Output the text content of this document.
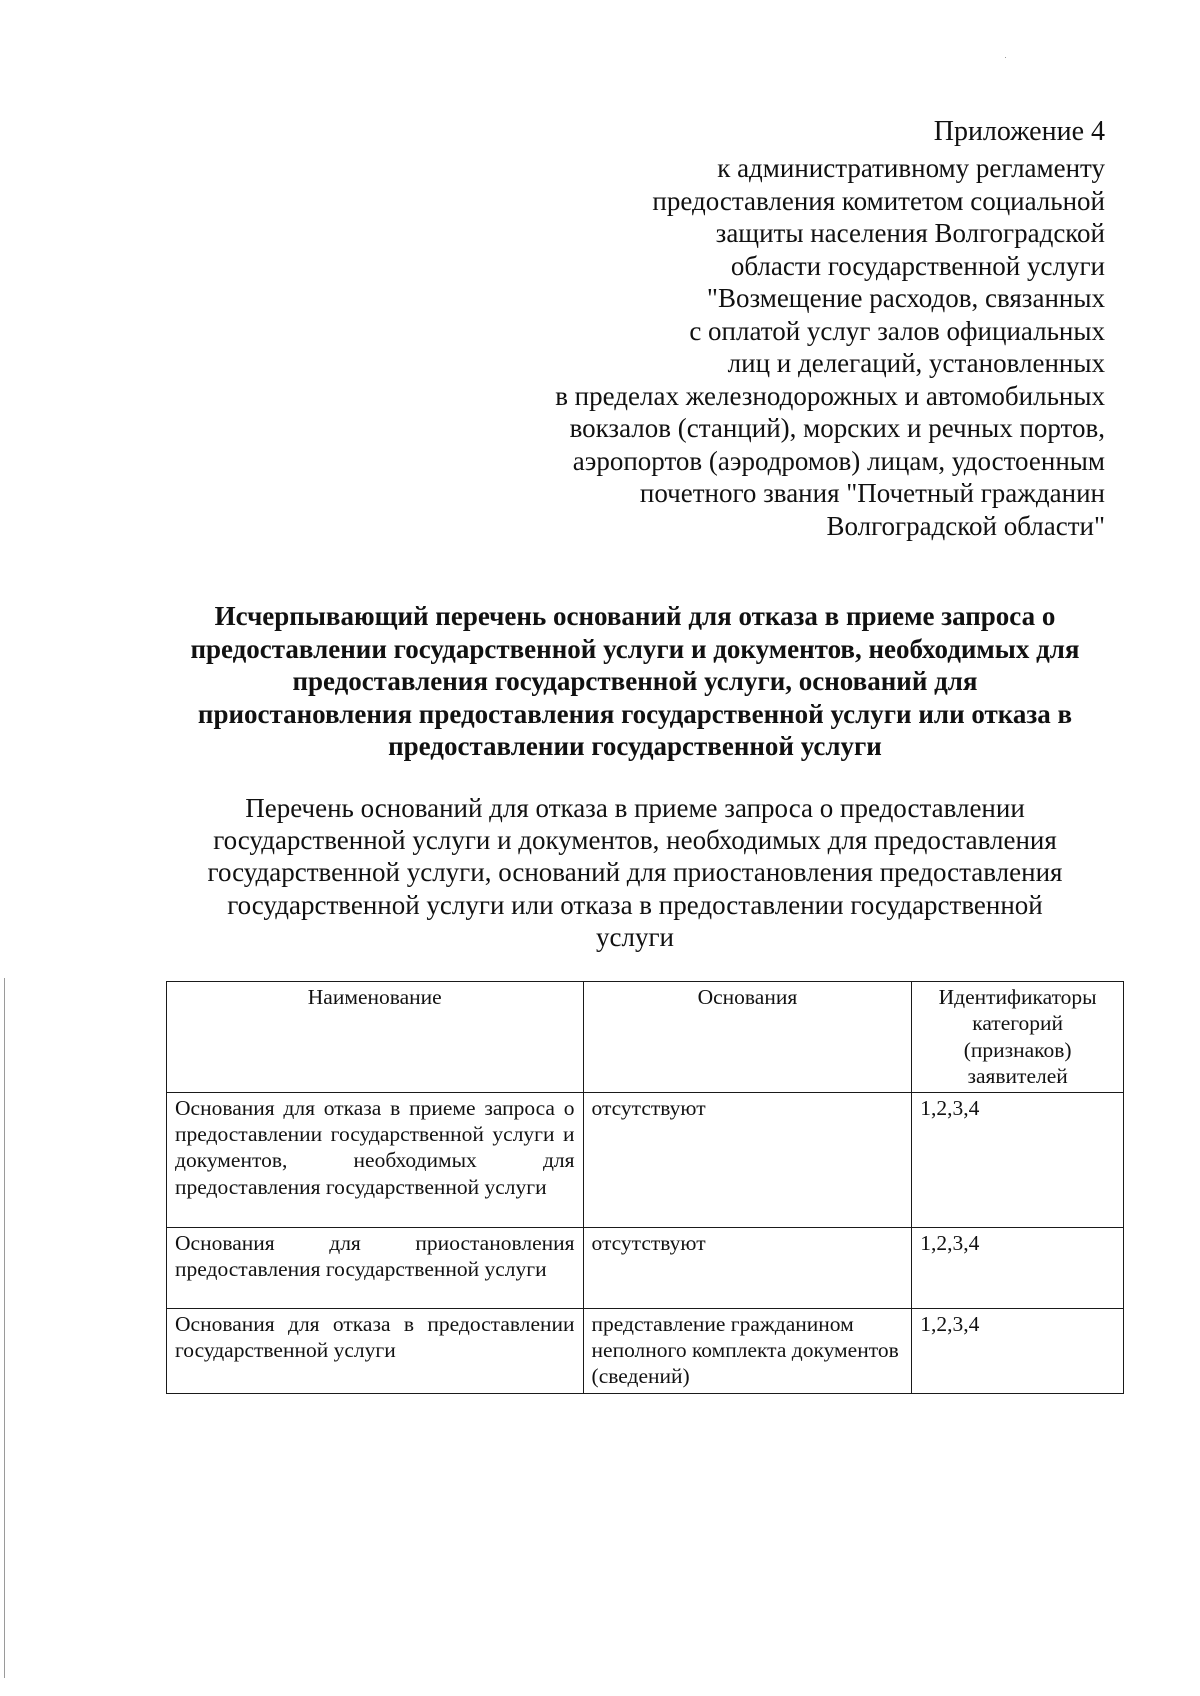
Приложение 4
к административному регламенту
предоставления комитетом социальной
защиты населения Волгоградской
области государственной услуги
"Возмещение расходов, связанных
с оплатой услуг залов официальных
лиц и делегаций, установленных
в пределах железнодорожных и автомобильных
вокзалов (станций), морских и речных портов,
аэропортов (аэродромов) лицам, удостоенным
почетного звания "Почетный гражданин
Волгоградской области"
Исчерпывающий перечень оснований для отказа в приеме запроса о
предоставлении государственной услуги и документов, необходимых для
предоставления государственной услуги, оснований для
приостановления предоставления государственной услуги или отказа в
предоставлении государственной услуги
Перечень оснований для отказа в приеме запроса о предоставлении
государственной услуги и документов, необходимых для предоставления
государственной услуги, оснований для приостановления предоставления
государственной услуги или отказа в предоставлении государственной
услуги
Наименование	Основания	Идентификаторы категорий (признаков) заявителей
Основания для отказа в приеме запроса о предоставлении государственной услуги и документов, необходимых для предоставления государственной услуги	отсутствуют	1,2,3,4
Основания для приостановления предоставления государственной услуги	отсутствуют	1,2,3,4
Основания для отказа в предоставлении государственной услуги	представление гражданином неполного комплекта документов (сведений)	1,2,3,4
